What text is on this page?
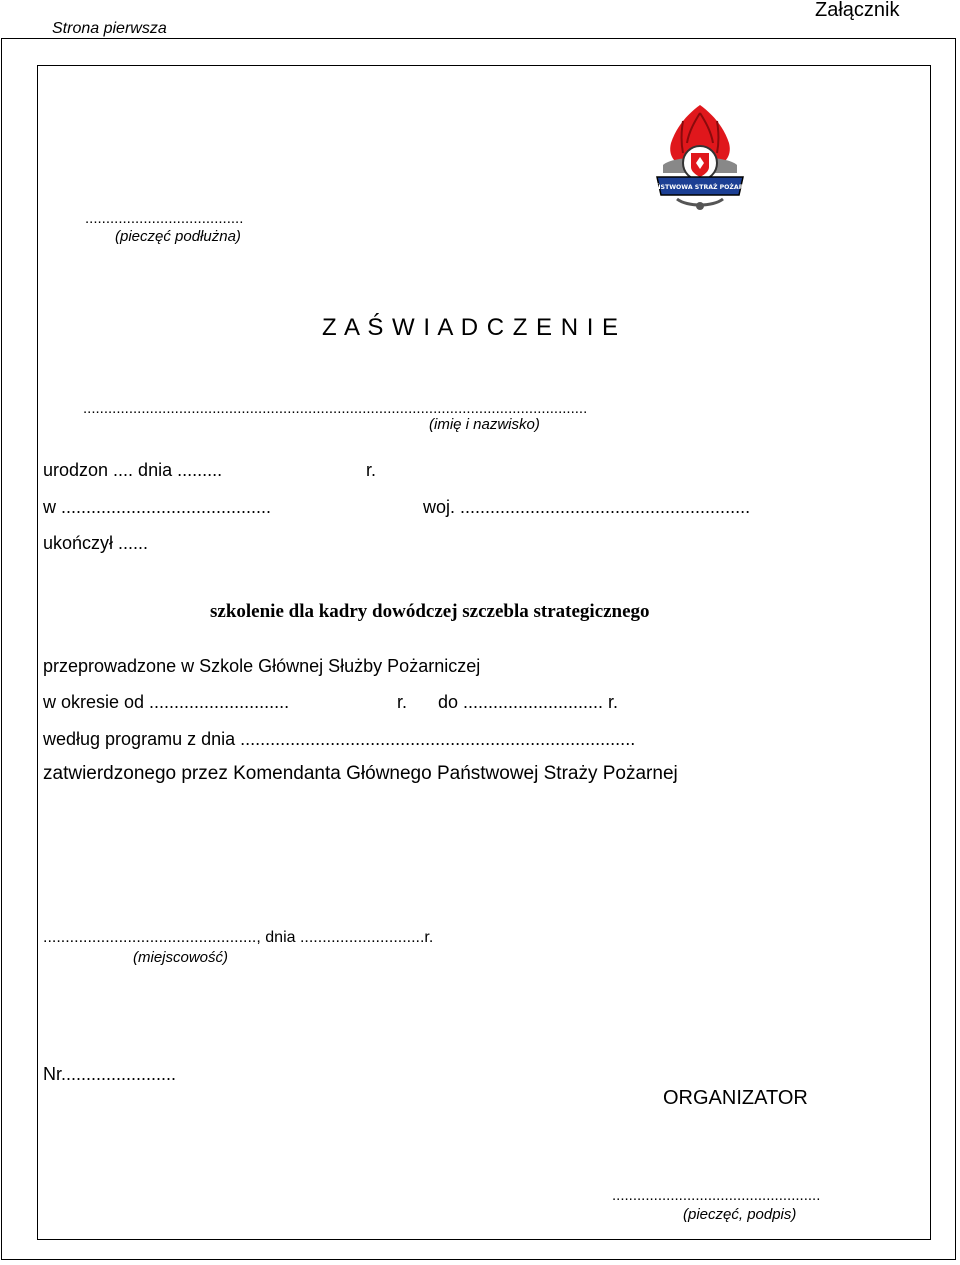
Strona pierwsza
Załącznik
PAŃSTWOWA STRAŻ POŻARNA
......................................
(pieczęć podłużna)
Z A Ś W I A D C Z E N I E
.........................................................................................................................
(imię i nazwisko)
urodzon .... dnia .........	r.
w ..........................................	woj. ..........................................................
ukończył ......
szkolenie dla kadry dowódczej szczebla strategicznego
przeprowadzone w Szkole Głównej Służby Pożarniczej
w okresie od ............................	r. do ............................ r.
według programu z dnia ...............................................................................
zatwierdzonego przez Komendanta Głównego Państwowej Straży Pożarnej
................................................, dnia ............................r.
(miejscowość)
Nr.......................
ORGANIZATOR
..................................................
(pieczęć, podpis)
